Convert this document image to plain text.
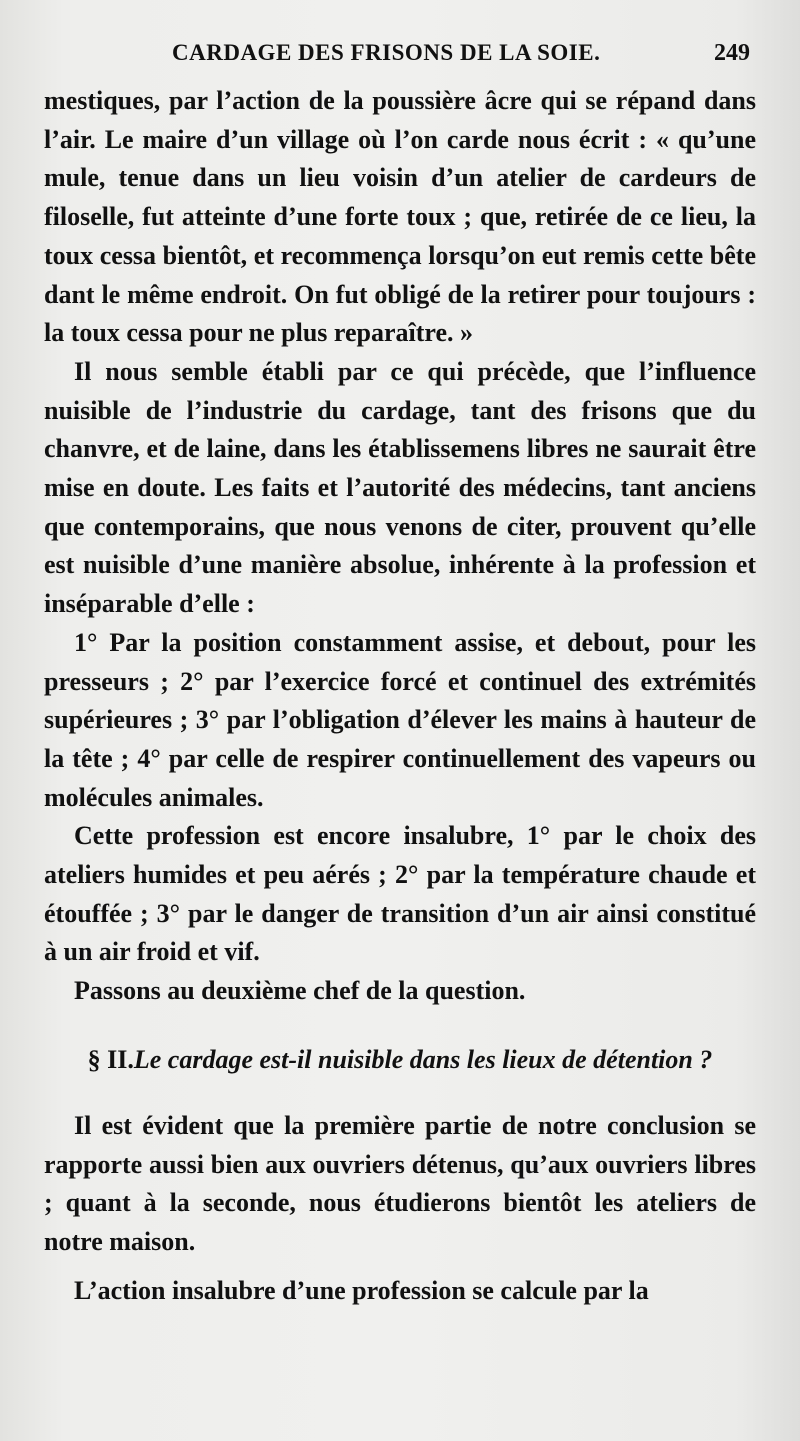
CARDAGE DES FRISONS DE LA SOIE.	249

mestiques, par l’action de la poussière âcre qui se répand dans l’air. Le maire d’un village où l’on carde nous écrit : « qu’une mule, tenue dans un lieu voisin d’un atelier de cardeurs de filoselle, fut atteinte d’une forte toux ; que, retirée de ce lieu, la toux cessa bientôt, et recommença lorsqu’on eut remis cette bête dant le même endroit. On fut obligé de la retirer pour toujours : la toux cessa pour ne plus reparaître. »

Il nous semble établi par ce qui précède, que l’influence nuisible de l’industrie du cardage, tant des frisons que du chanvre, et de laine, dans les établissemens libres ne saurait être mise en doute. Les faits et l’autorité des médecins, tant anciens que contemporains, que nous venons de citer, prouvent qu’elle est nuisible d’une manière absolue, inhérente à la profession et inséparable d’elle :

1° Par la position constamment assise, et debout, pour les presseurs ; 2° par l’exercice forcé et continuel des extrémités supérieures ; 3° par l’obligation d’élever les mains à hauteur de la tête ; 4° par celle de respirer continuellement des vapeurs ou molécules animales.

Cette profession est encore insalubre, 1° par le choix des ateliers humides et peu aérés ; 2° par la température chaude et étouffée ; 3° par le danger de transition d’un air ainsi constitué à un air froid et vif.

Passons au deuxième chef de la question.

§ II.Le cardage est-il nuisible dans les lieux de détention ?

Il est évident que la première partie de notre conclusion se rapporte aussi bien aux ouvriers détenus, qu’aux ouvriers libres ; quant à la seconde, nous étudierons bientôt les ateliers de notre maison.

L’action insalubre d’une profession se calcule par la
